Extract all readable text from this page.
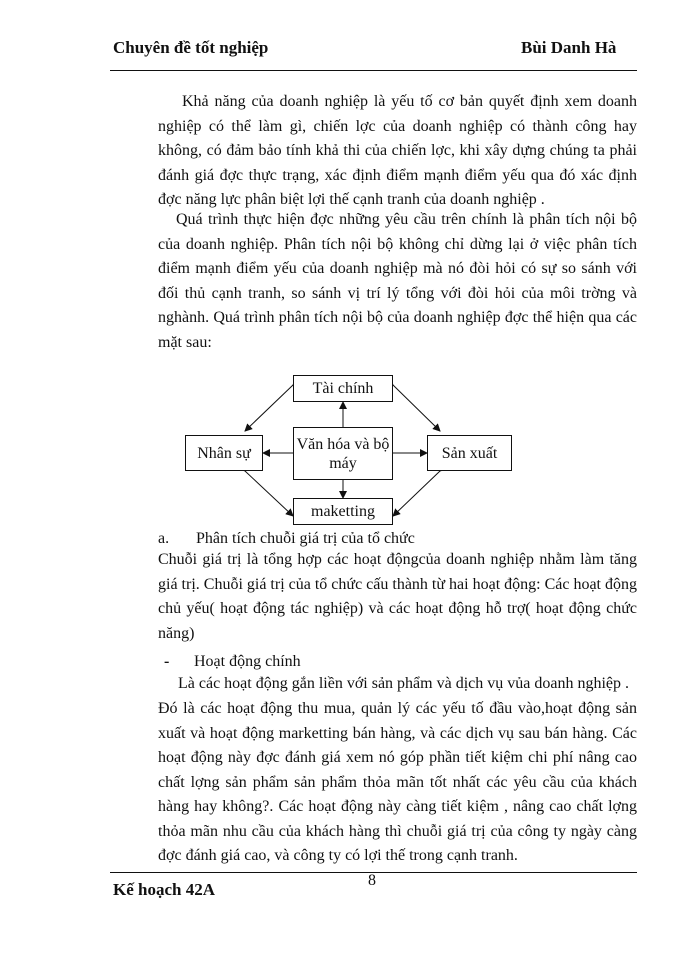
Chuyên đề tốt nghiệp	Bùi Danh Hà

Khả năng của doanh nghiệp là yếu tố cơ bản quyết định xem doanh nghiệp có thể làm gì, chiến lợc của doanh nghiệp có thành công hay không, có đảm bảo tính khả thi của chiến lợc, khi xây dựng chúng ta phải đánh giá đợc thực trạng, xác định điểm mạnh điểm yếu qua đó xác định đợc năng lực phân biệt lợi thế cạnh tranh của doanh nghiệp .

Quá trình thực hiện đợc những yêu cầu trên chính là phân tích nội bộ của doanh nghiệp. Phân tích nội bộ không chỉ dừng lại ở việc phân tích điểm mạnh điểm yếu của doanh nghiệp mà nó đòi hỏi có sự so sánh với đối thủ cạnh tranh, so sánh vị trí lý tổng với đòi hỏi của môi trờng và nghành. Quá trình phân tích nội bộ của doanh nghiệp đợc thể hiện qua các mặt sau:

Tài chính
Nhân sự
Văn hóa và bộ máy
Sản xuất
maketting
a. Phân tích chuỗi giá trị của tổ chức

Chuỗi giá trị là tổng hợp các hoạt độngcủa doanh nghiệp nhằm làm tăng giá trị. Chuỗi giá trị của tổ chức cấu thành từ hai hoạt động: Các hoạt động chủ yếu( hoạt động tác nghiệp) và các hoạt động hỗ trợ( hoạt động chức năng)

- Hoạt động chính

Là các hoạt động gắn liền với sản phẩm và dịch vụ vủa doanh nghiệp .

Đó là các hoạt động thu mua, quản lý các yếu tố đầu vào,hoạt động sản xuất và hoạt động marketting bán hàng, và các dịch vụ sau bán hàng. Các hoạt động này đợc đánh giá xem nó góp phần tiết kiệm chi phí nâng cao chất lợng sản phẩm sản phẩm thỏa mãn tốt nhất các yêu cầu của khách hàng hay không?. Các hoạt động này càng tiết kiệm , nâng cao chất lợng thỏa mãn nhu cầu của khách hàng thì chuỗi giá trị của công ty ngày càng đợc đánh giá cao, và công ty có lợi thế trong cạnh tranh.

Kế hoạch 42A	8
